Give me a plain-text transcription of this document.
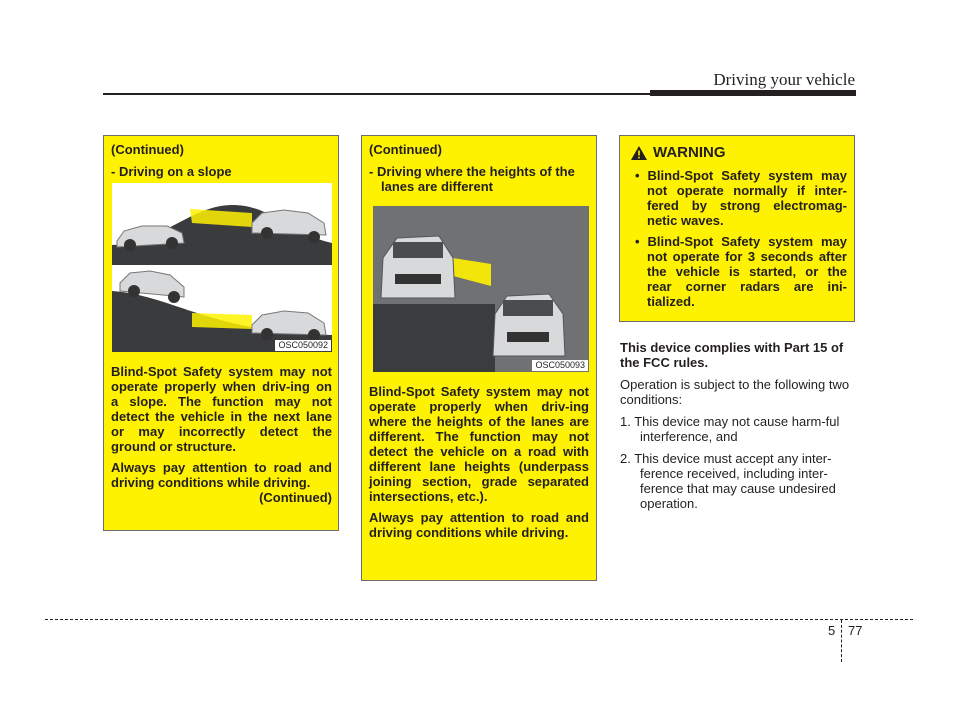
Driving your vehicle
(Continued)
- Driving on a slope
OSC050092
Blind-Spot Safety system may not operate properly when driv-ing on a slope. The function may not detect the vehicle in the next lane or may incorrectly detect the ground or structure.
Always pay attention to road and driving conditions while driving.
(Continued)
(Continued)
- Driving where the heights of the lanes are different
OSC050093
Blind-Spot Safety system may not operate properly when driv-ing where the heights of the lanes are different. The function may not detect the vehicle on a road with different lane heights (underpass joining section, grade separated intersections, etc.).
Always pay attention to road and driving conditions while driving.
WARNING
• Blind-Spot Safety system may not operate normally if inter-fered by strong electromag-netic waves.
• Blind-Spot Safety system may not operate for 3 seconds after the vehicle is started, or the rear corner radars are ini-tialized.

This device complies with Part 15 of the FCC rules.

Operation is subject to the following two conditions:

1. This device may not cause harm-ful interference, and

2. This device must accept any inter-ference received, including inter-ference that may cause undesired operation.

5 77
